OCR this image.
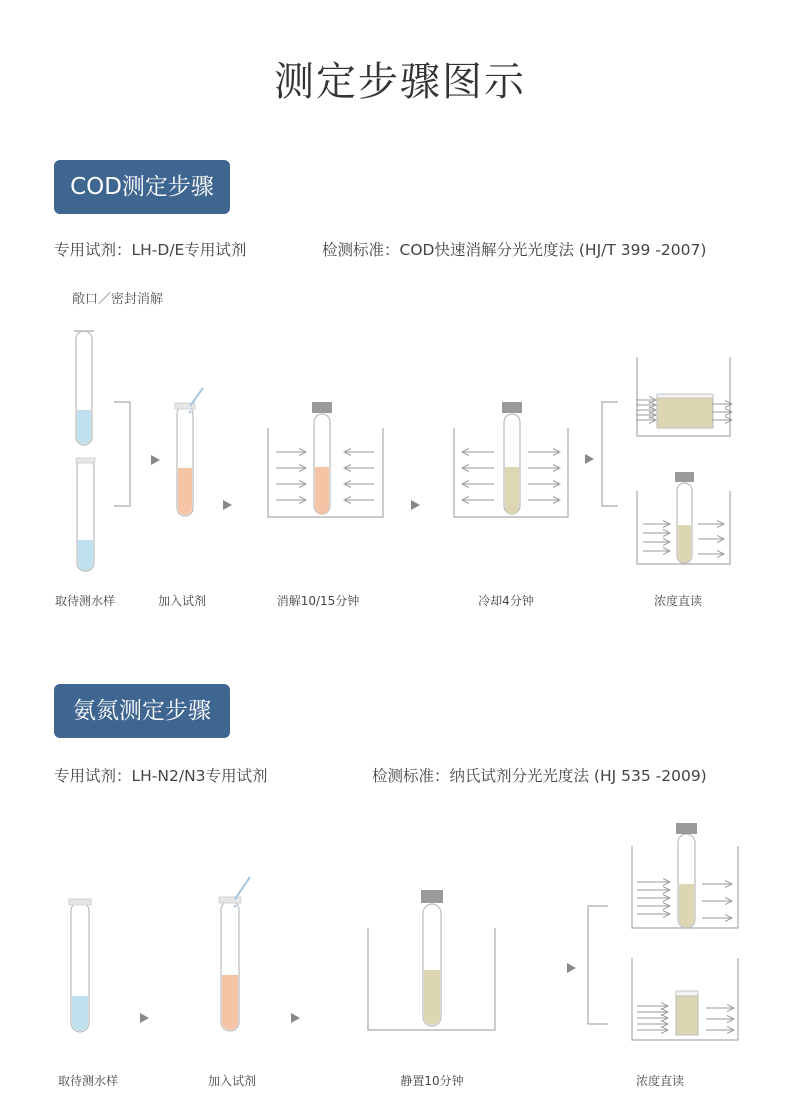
测定步骤图示
COD测定步骤
专用试剂：LH-D/E专用试剂	检测标准：COD快速消解分光光度法 (HJ/T 399 -2007)
敞口／密封消解
取待测水样	加入试剂	消解10/15分钟	冷却4分钟	浓度直读
氨氮测定步骤
专用试剂：LH-N2/N3专用试剂	检测标准：纳氏试剂分光光度法 (HJ 535 -2009)
取待测水样	加入试剂	静置10分钟	浓度直读
